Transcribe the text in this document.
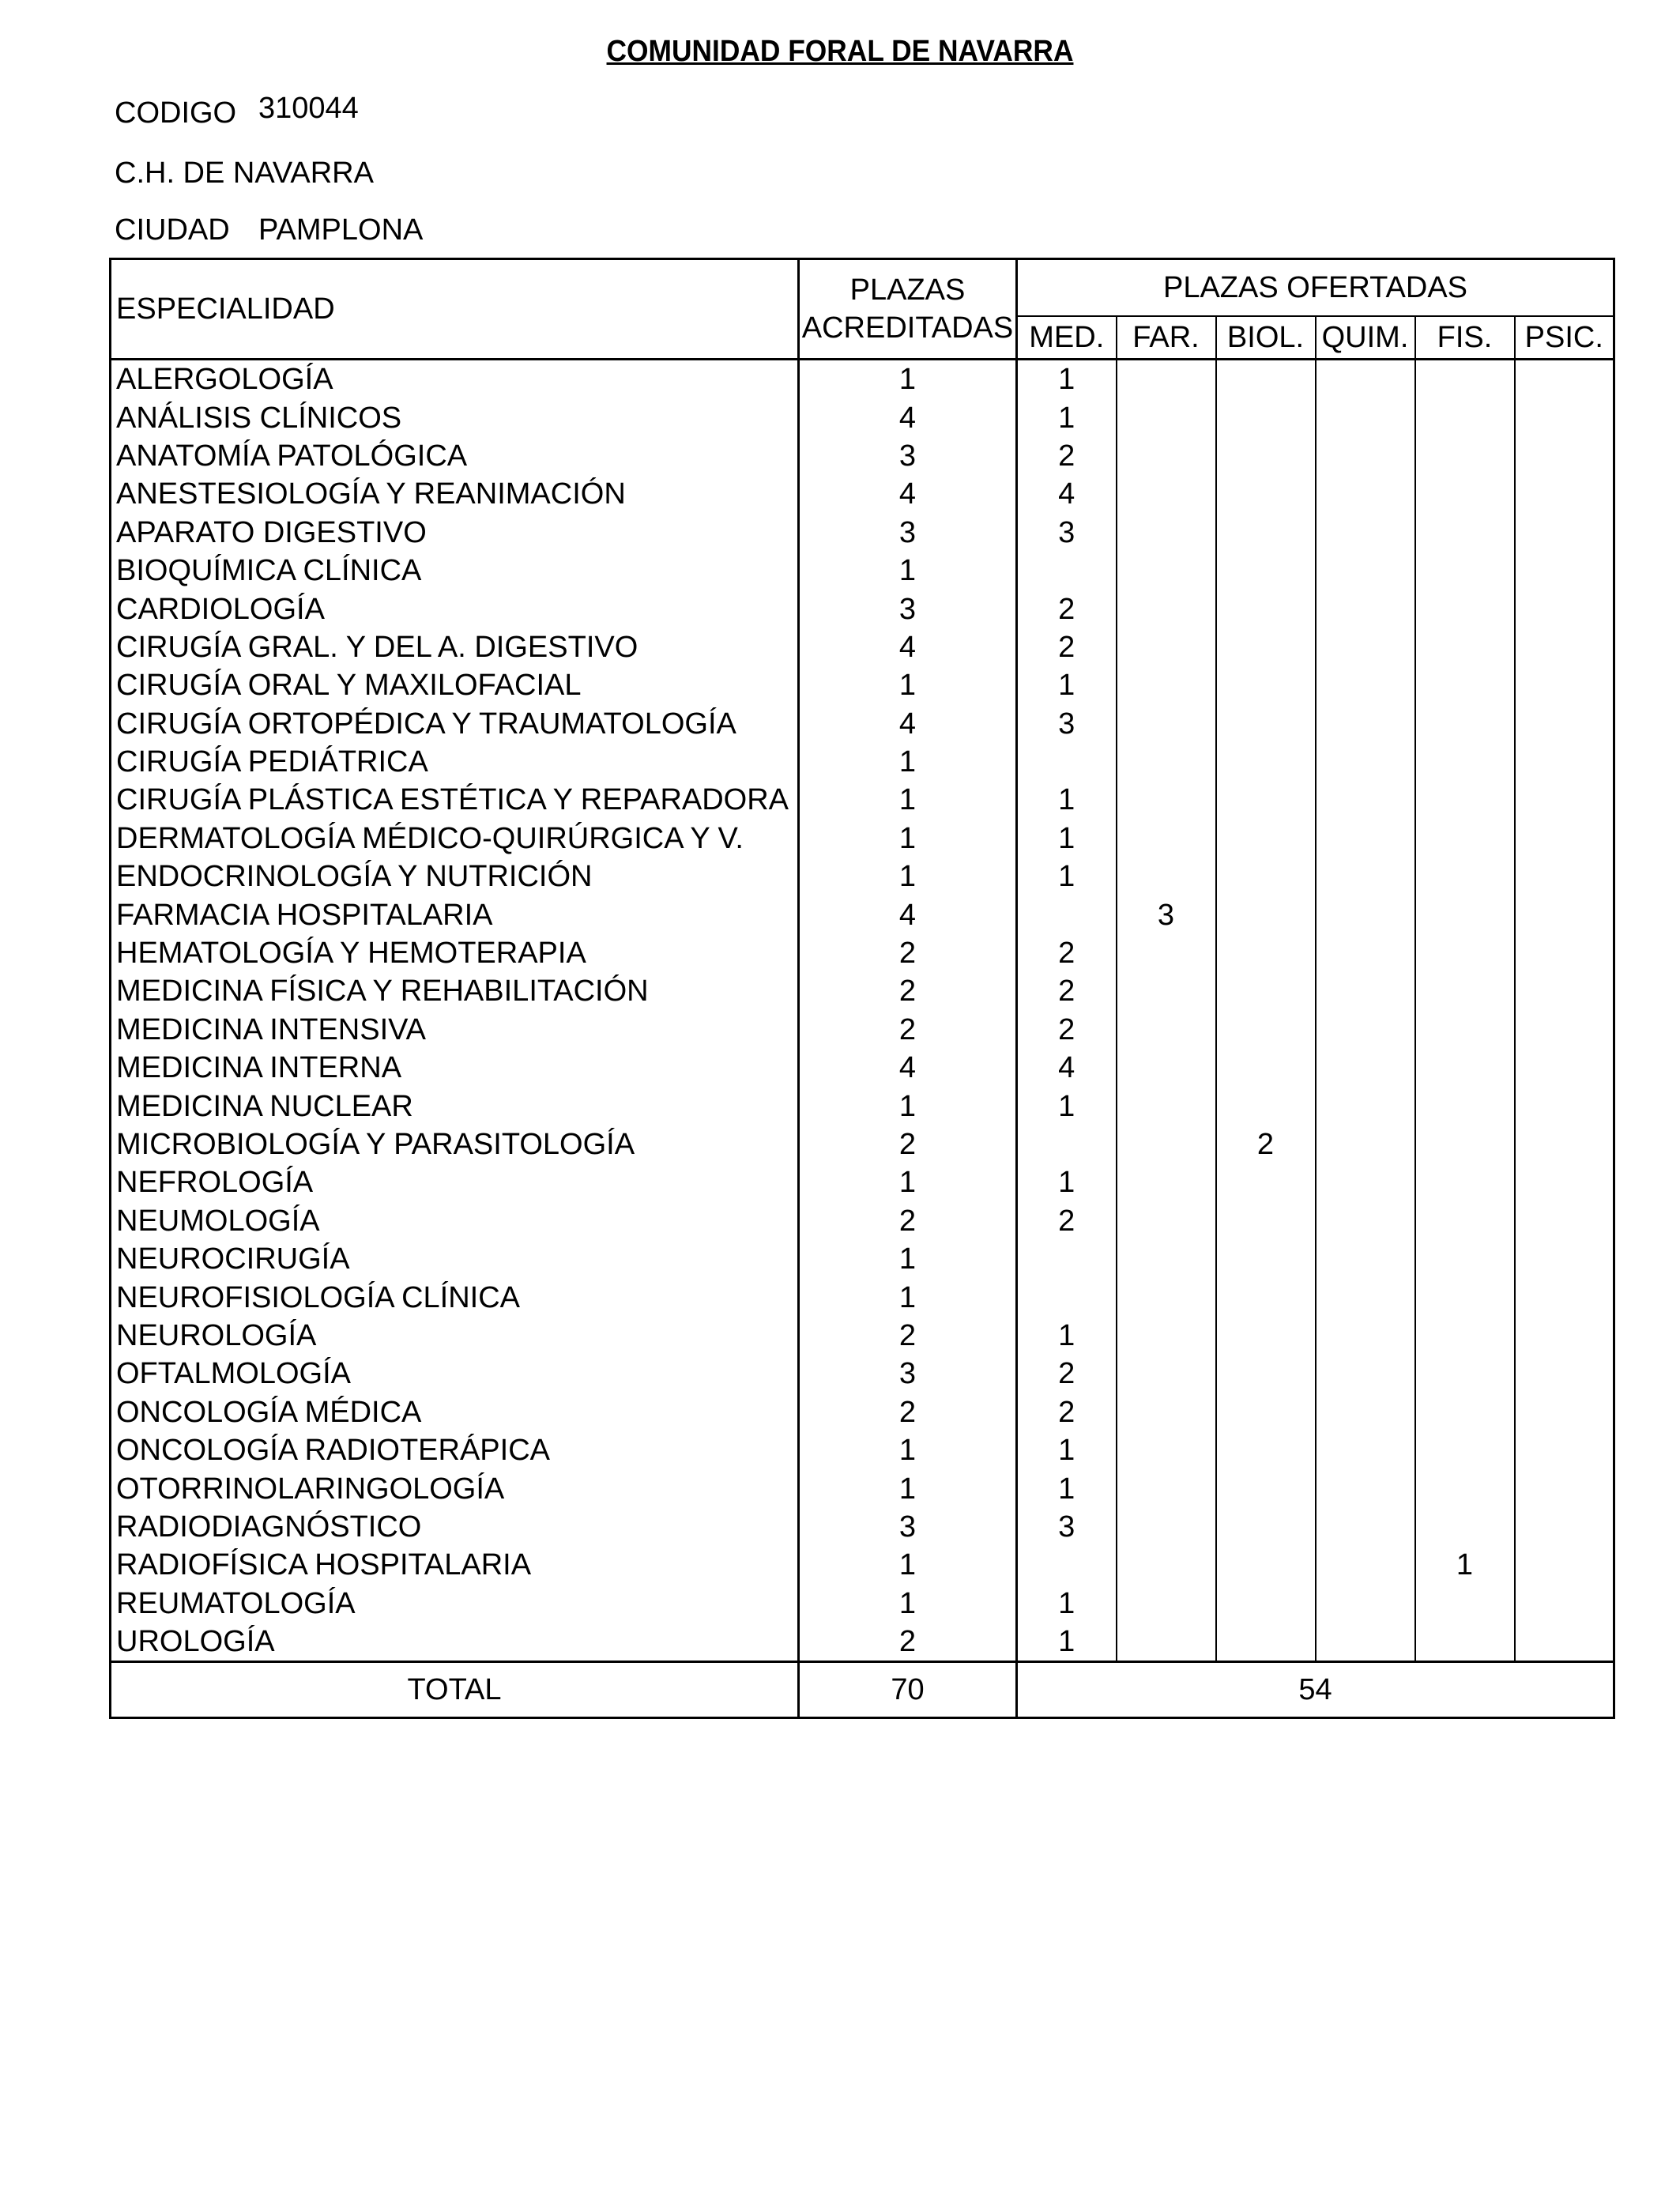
COMUNIDAD FORAL DE NAVARRA
CODIGO 310044
C.H. DE NAVARRA
CIUDAD PAMPLONA
ESPECIALIDAD	PLAZAS
ACREDITADAS	PLAZAS OFERTADAS					
		MED.	FAR.	BIOL.	QUIM.	FIS.	PSIC.
ALERGOLOGÍA	1	1					
ANÁLISIS CLÍNICOS	4	1					
ANATOMÍA PATOLÓGICA	3	2					
ANESTESIOLOGÍA Y REANIMACIÓN	4	4					
APARATO DIGESTIVO	3	3					
BIOQUÍMICA CLÍNICA	1						
CARDIOLOGÍA	3	2					
CIRUGÍA GRAL. Y DEL A. DIGESTIVO	4	2					
CIRUGÍA ORAL Y MAXILOFACIAL	1	1					
CIRUGÍA ORTOPÉDICA Y TRAUMATOLOGÍA	4	3					
CIRUGÍA PEDIÁTRICA	1						
CIRUGÍA PLÁSTICA ESTÉTICA Y REPARADORA	1	1					
DERMATOLOGÍA MÉDICO-QUIRÚRGICA Y V.	1	1					
ENDOCRINOLOGÍA Y NUTRICIÓN	1	1					
FARMACIA HOSPITALARIA	4		3				
HEMATOLOGÍA Y HEMOTERAPIA	2	2					
MEDICINA FÍSICA Y REHABILITACIÓN	2	2					
MEDICINA INTENSIVA	2	2					
MEDICINA INTERNA	4	4					
MEDICINA NUCLEAR	1	1					
MICROBIOLOGÍA Y PARASITOLOGÍA	2			2			
NEFROLOGÍA	1	1					
NEUMOLOGÍA	2	2					
NEUROCIRUGÍA	1						
NEUROFISIOLOGÍA CLÍNICA	1						
NEUROLOGÍA	2	1					
OFTALMOLOGÍA	3	2					
ONCOLOGÍA MÉDICA	2	2					
ONCOLOGÍA RADIOTERÁPICA	1	1					
OTORRINOLARINGOLOGÍA	1	1					
RADIODIAGNÓSTICO	3	3					
RADIOFÍSICA HOSPITALARIA	1					1	
REUMATOLOGÍA	1	1					
UROLOGÍA	2	1					
TOTAL	70	54					
